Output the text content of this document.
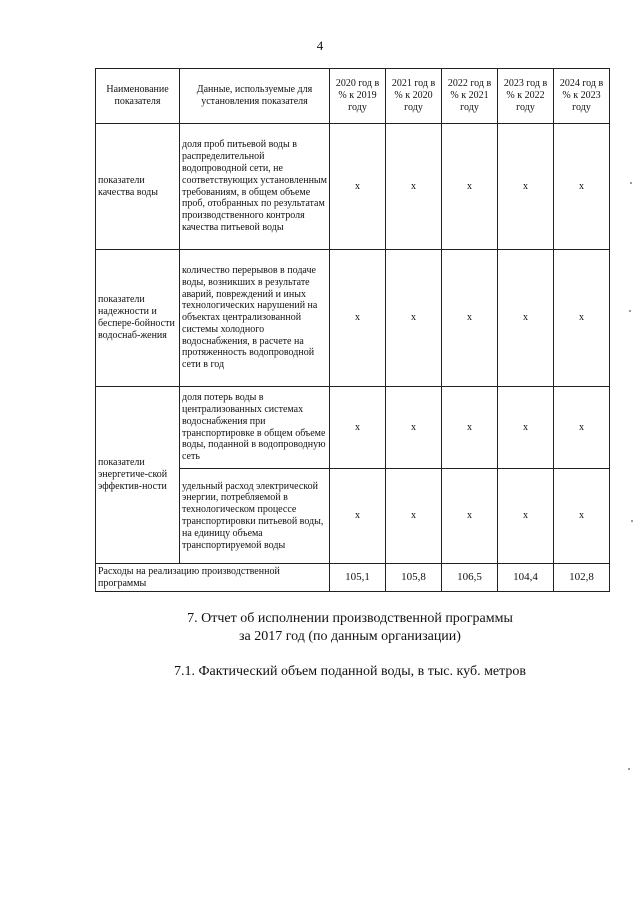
4
Наименование показателя	Данные, используемые для установления показателя	2020 год в % к 2019 году	2021 год в % к 2020 году	2022 год в % к 2021 году	2023 год в % к 2022 году	2024 год в % к 2023 году
показатели качества воды	доля проб питьевой воды в распределительной водопроводной сети, не соответствующих установленным требованиям, в общем объеме проб, отобранных по результатам производственного контроля качества питьевой воды	x	x	x	x	x
показатели надежности и беспере-бойности водоснаб-жения	количество перерывов в подаче воды, возникших в результате аварий, повреждений и иных технологических нарушений на объектах централизованной системы холодного водоснабжения, в расчете на протяженность водопроводной сети в год	x	x	x	x	x
показатели энергетиче-ской эффектив-ности	доля потерь воды в централизованных системах водоснабжения при транспортировке в общем объеме воды, поданной в водопроводную сеть	x	x	x	x	x
	удельный расход электрической энергии, потребляемой в технологическом процессе транспортировки питьевой воды, на единицу объема транспортируемой воды	x	x	x	x	x
Расходы на реализацию производственной программы		105,1	105,8	106,5	104,4	102,8
7. Отчет об исполнении производственной программы
за 2017 год (по данным организации)
7.1. Фактический объем поданной воды, в тыс. куб. метров
